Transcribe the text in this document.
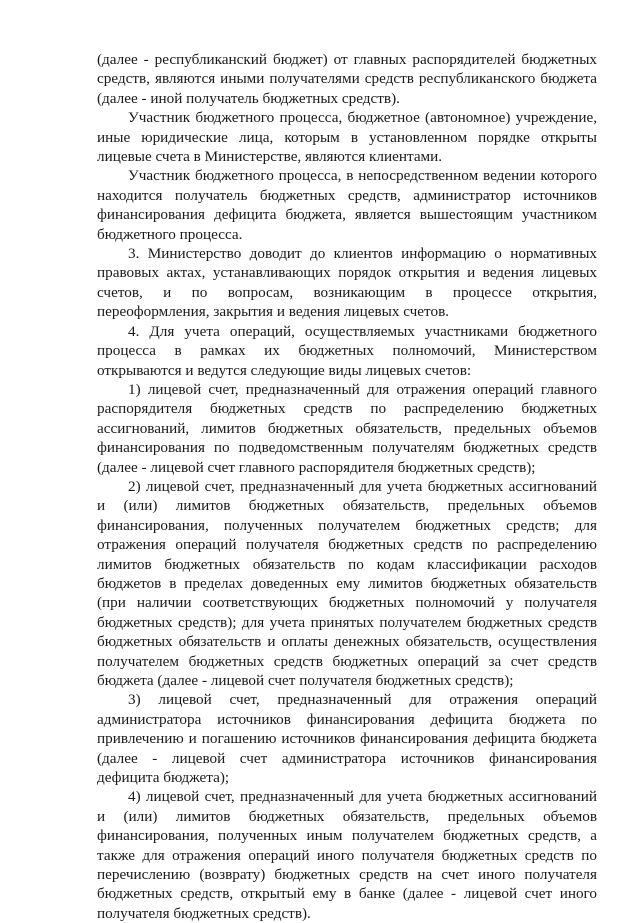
(далее - республиканский бюджет) от главных распорядителей бюджетных средств, являются иными получателями средств республиканского бюджета (далее - иной получатель бюджетных средств).

Участник бюджетного процесса, бюджетное (автономное) учреждение, иные юридические лица, которым в установленном порядке открыты лицевые счета в Министерстве, являются клиентами.

Участник бюджетного процесса, в непосредственном ведении которого находится получатель бюджетных средств, администратор источников финансирования дефицита бюджета, является вышестоящим участником бюджетного процесса.

3. Министерство доводит до клиентов информацию о нормативных правовых актах, устанавливающих порядок открытия и ведения лицевых счетов, и по вопросам, возникающим в процессе открытия, переоформления, закрытия и ведения лицевых счетов.

4. Для учета операций, осуществляемых участниками бюджетного процесса в рамках их бюджетных полномочий, Министерством открываются и ведутся следующие виды лицевых счетов:

1) лицевой счет, предназначенный для отражения операций главного распорядителя бюджетных средств по распределению бюджетных ассигнований, лимитов бюджетных обязательств, предельных объемов финансирования по подведомственным получателям бюджетных средств (далее - лицевой счет главного распорядителя бюджетных средств);

2) лицевой счет, предназначенный для учета бюджетных ассигнований и (или) лимитов бюджетных обязательств, предельных объемов финансирования, полученных получателем бюджетных средств; для отражения операций получателя бюджетных средств по распределению лимитов бюджетных обязательств по кодам классификации расходов бюджетов в пределах доведенных ему лимитов бюджетных обязательств (при наличии соответствующих бюджетных полномочий у получателя бюджетных средств); для учета принятых получателем бюджетных средств бюджетных обязательств и оплаты денежных обязательств, осуществления получателем бюджетных средств бюджетных операций за счет средств бюджета (далее - лицевой счет получателя бюджетных средств);

3) лицевой счет, предназначенный для отражения операций администратора источников финансирования дефицита бюджета по привлечению и погашению источников финансирования дефицита бюджета (далее - лицевой счет администратора источников финансирования дефицита бюджета);

4) лицевой счет, предназначенный для учета бюджетных ассигнований и (или) лимитов бюджетных обязательств, предельных объемов финансирования, полученных иным получателем бюджетных средств, а также для отражения операций иного получателя бюджетных средств по перечислению (возврату) бюджетных средств на счет иного получателя бюджетных средств, открытый ему в банке (далее - лицевой счет иного получателя бюджетных средств).
